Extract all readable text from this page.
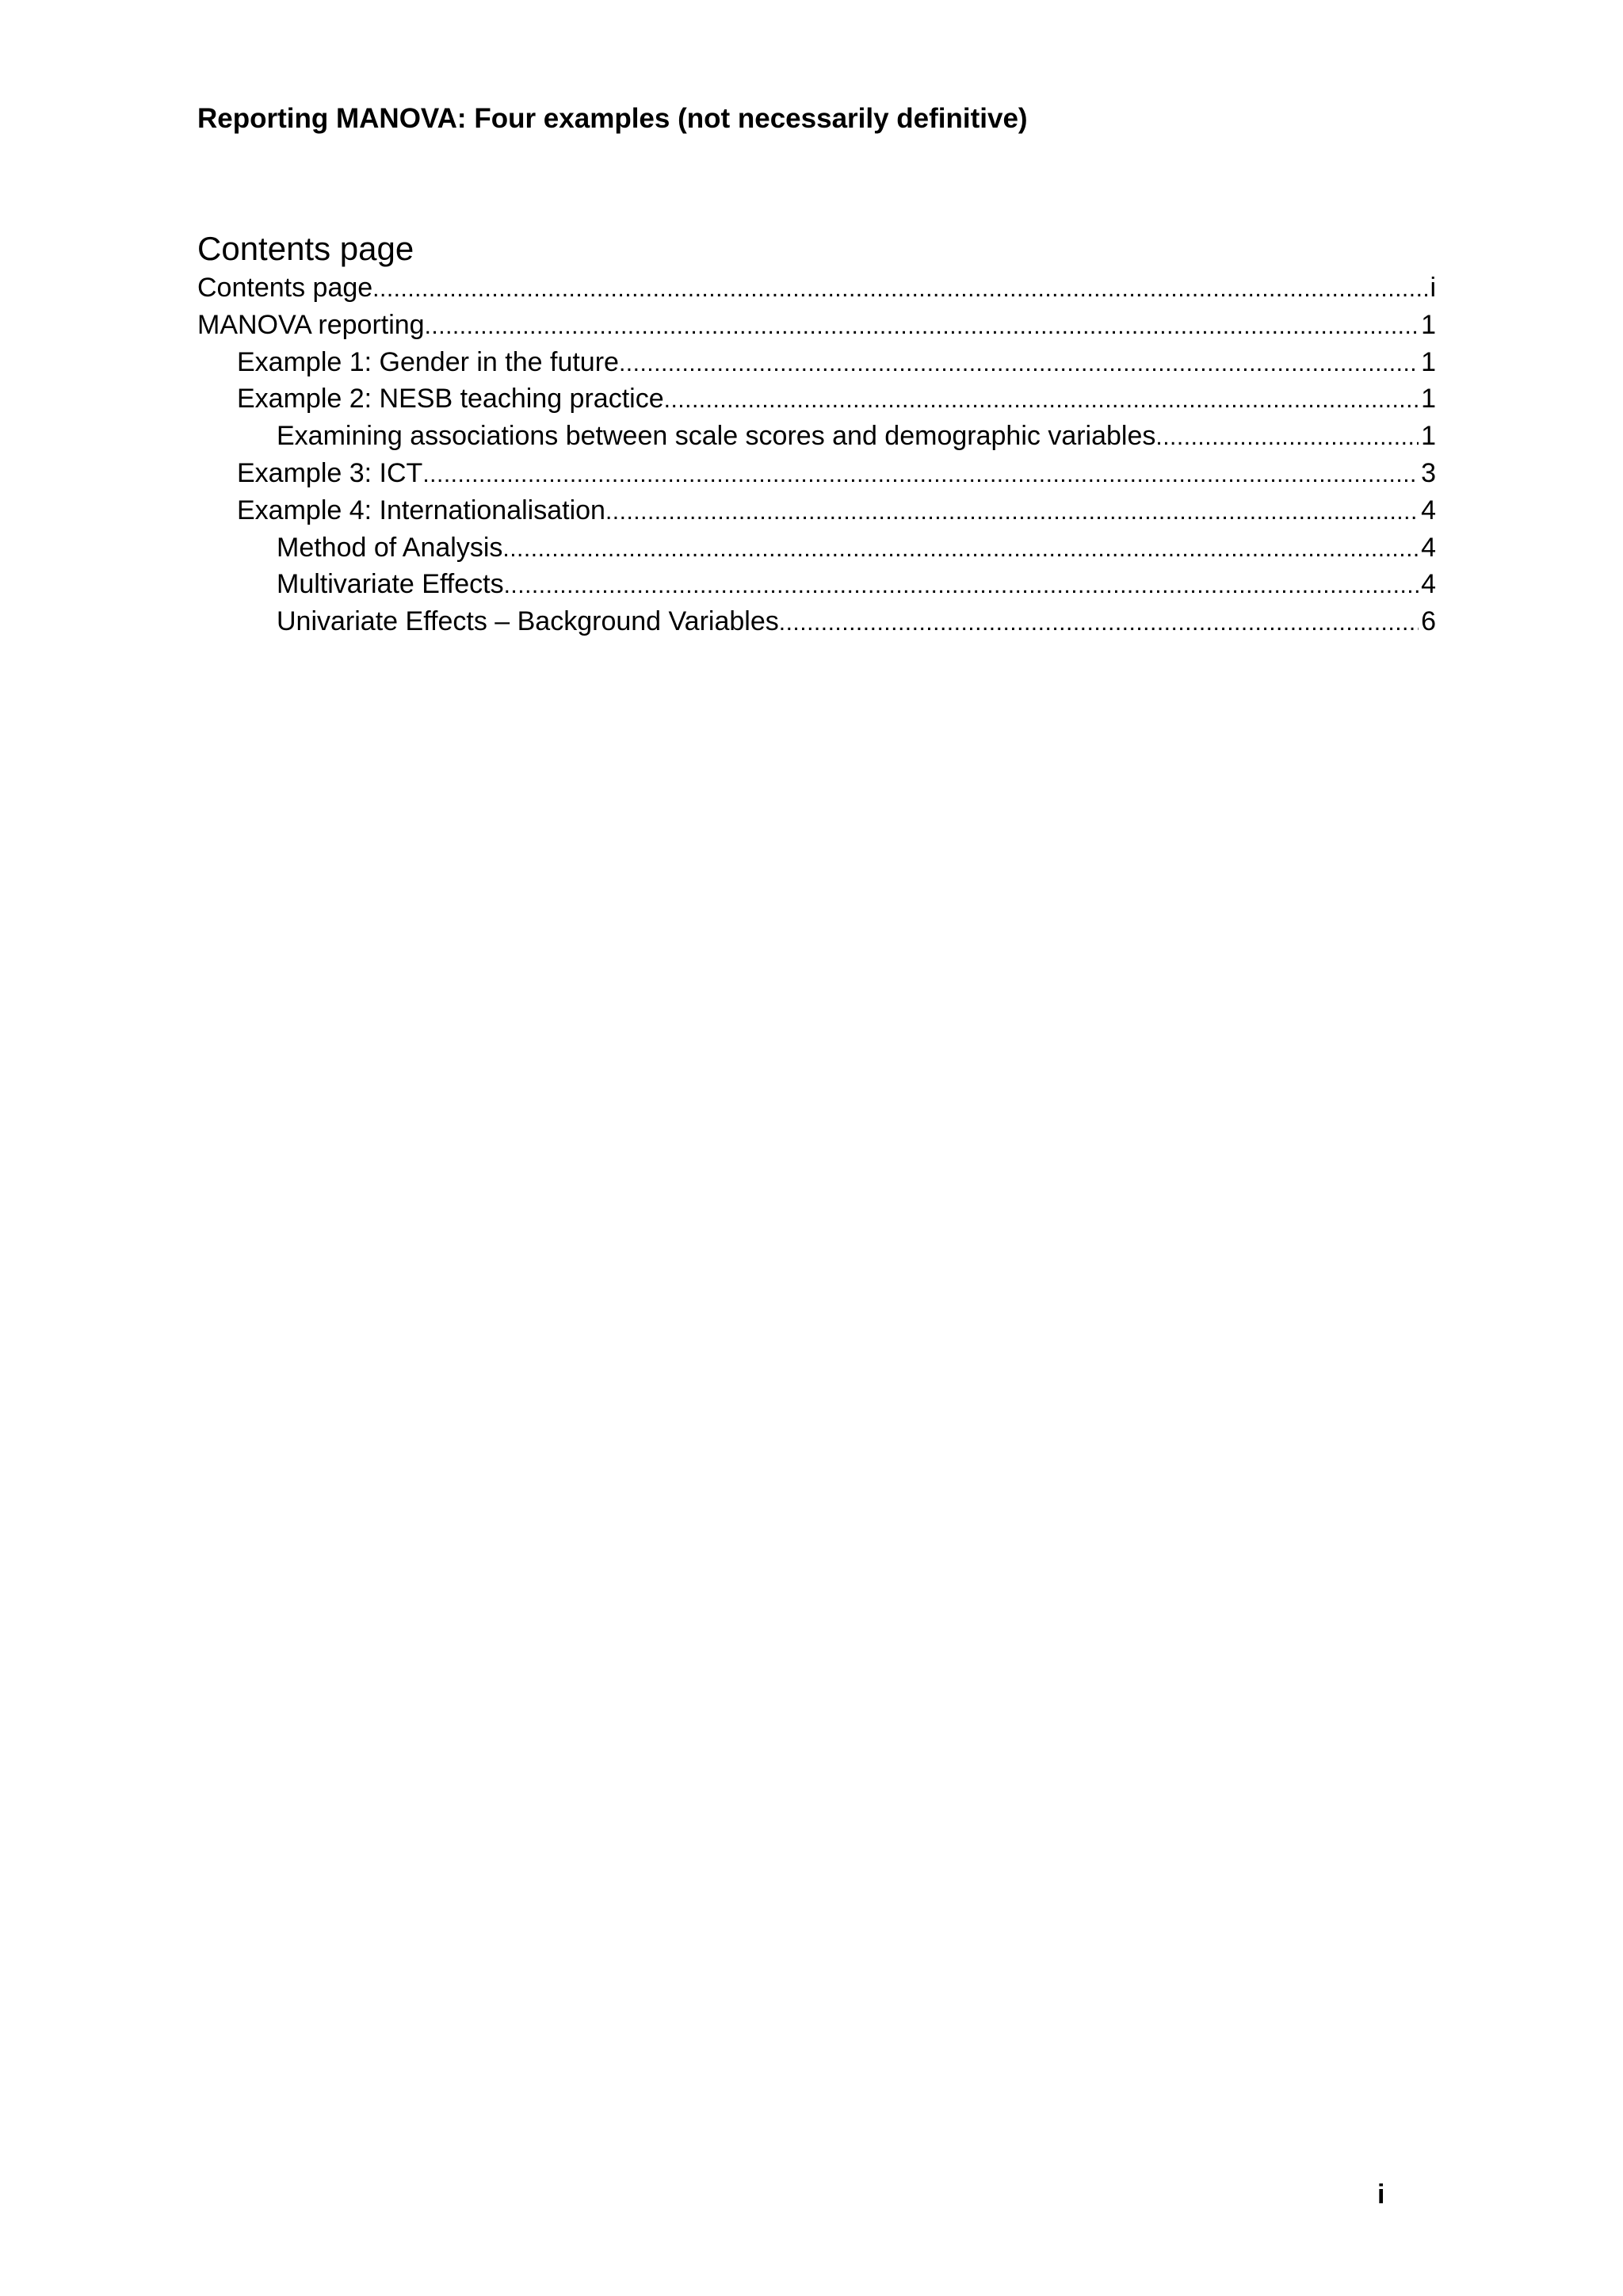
Reporting MANOVA: Four examples (not necessarily definitive)
Contents page
Contents page .....	i
MANOVA reporting .....	1
Example 1: Gender in the future .....	1
Example 2: NESB teaching practice .....	1
Examining associations between scale scores and demographic variables .....	1
Example 3: ICT .....	3
Example 4: Internationalisation .....	4
Method of Analysis .....	4
Multivariate Effects .....	4
Univariate Effects – Background Variables .....	6
i
